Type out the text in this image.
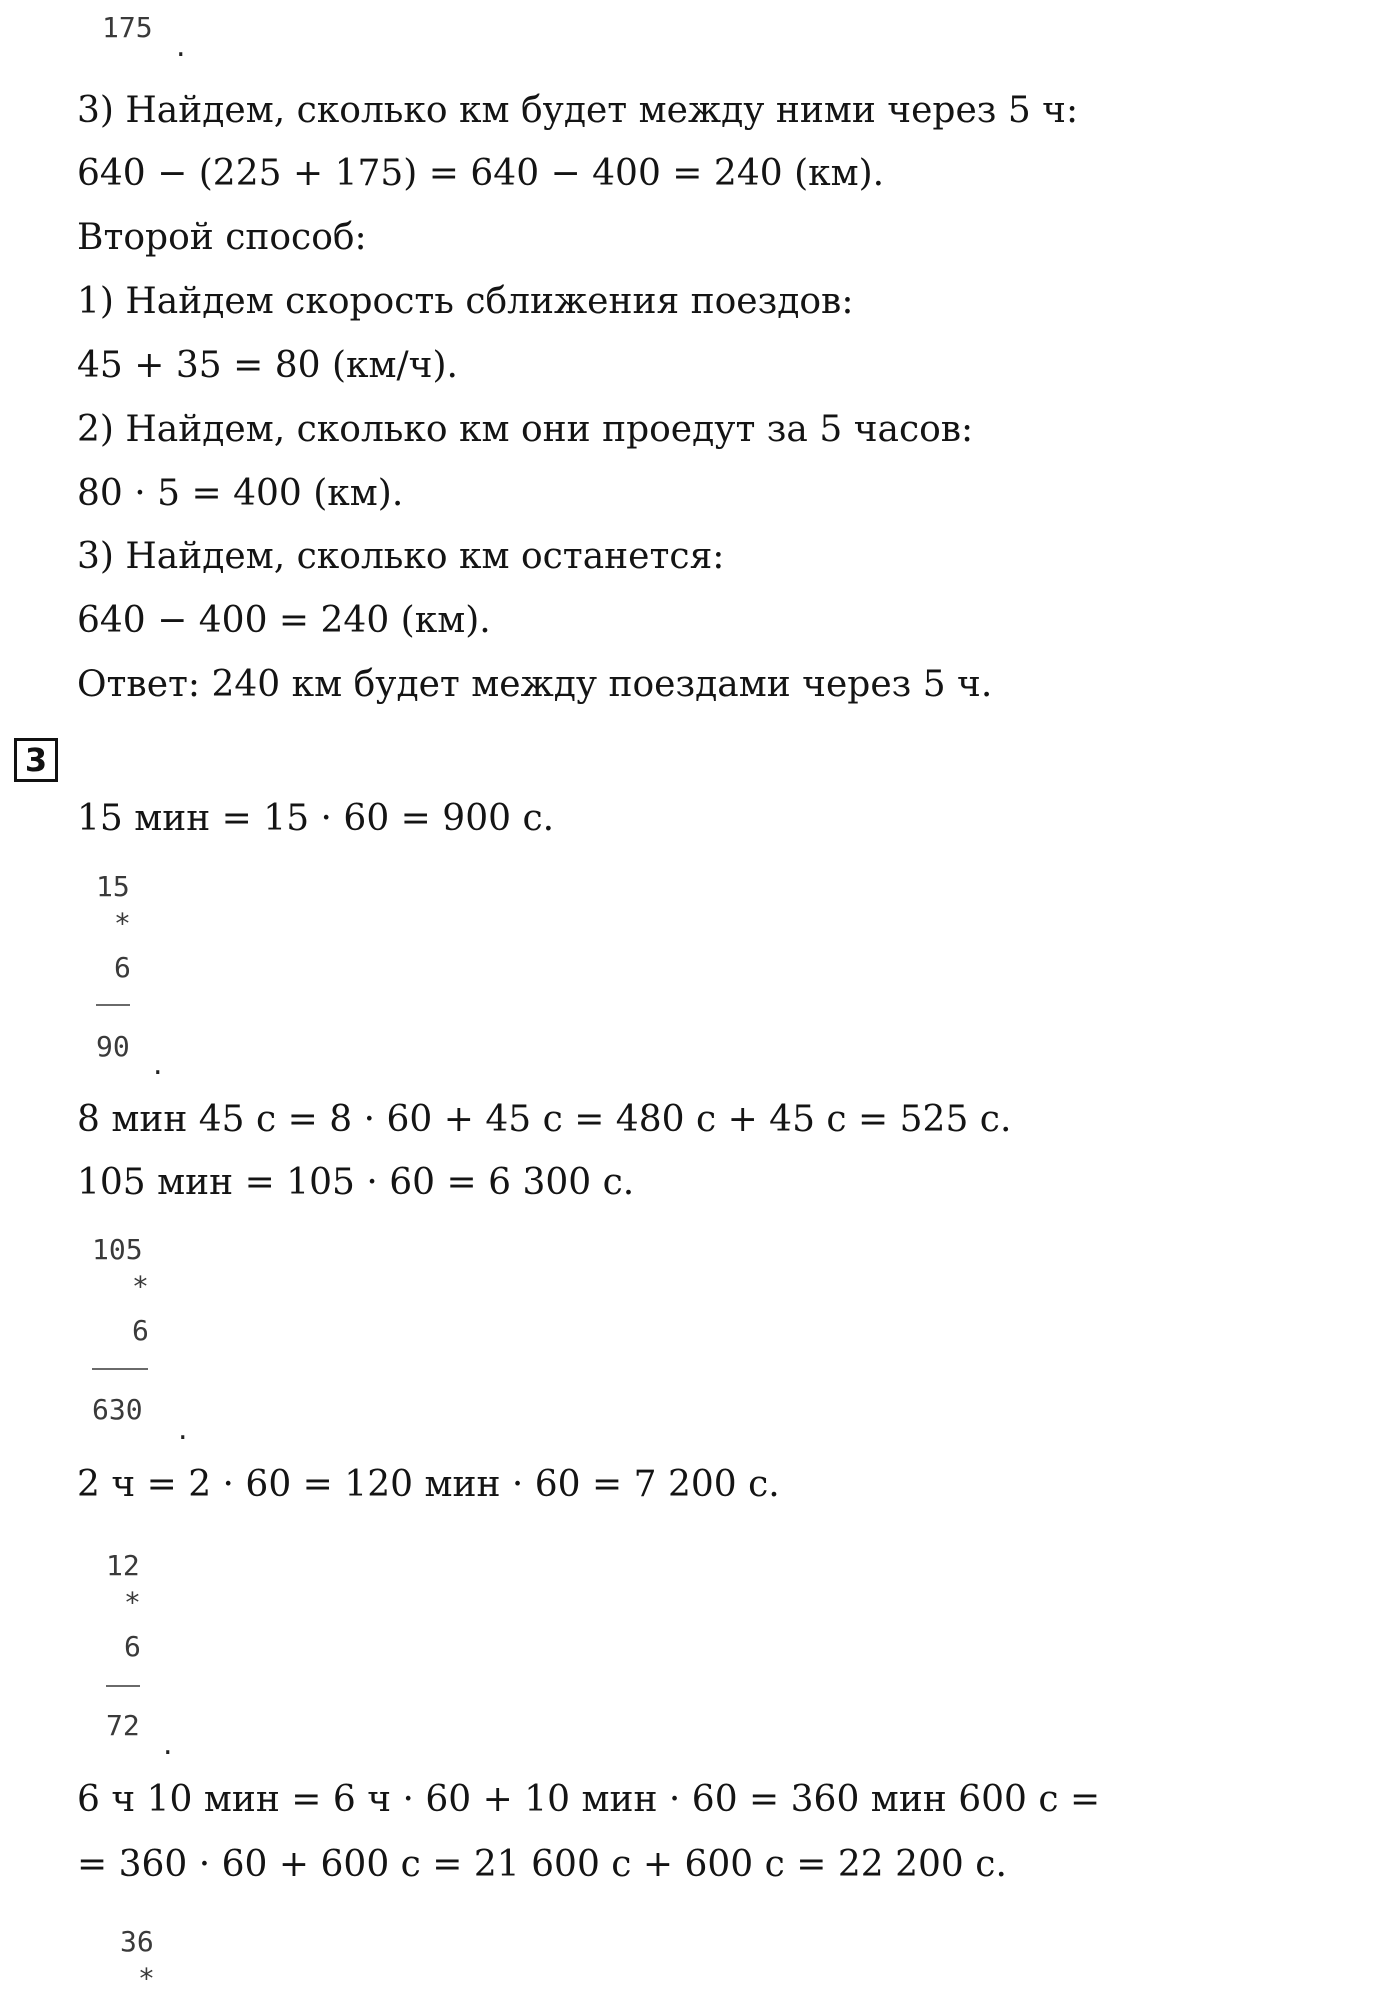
175
.
3) Найдем, сколько км будет между ними через 5 ч:
640 − (225 + 175) = 640 − 400 = 240 (км).
Второй способ:
1) Найдем скорость сближения поездов:
45 + 35 = 80 (км/ч).
2) Найдем, сколько км они проедут за 5 часов:
80 · 5 = 400 (км).
3) Найдем, сколько км останется:
640 − 400 = 240 (км).
Ответ: 240 км будет между поездами через 5 ч.
3
15 мин = 15 · 60 = 900 с.
15
*
6
90
.
8 мин 45 с = 8 · 60 + 45 с = 480 с + 45 с = 525 с.
105 мин = 105 · 60 = 6 300 с.
105
*
6
630
.
2 ч = 2 · 60 = 120 мин · 60 = 7 200 с.
12
*
6
72
.
6 ч 10 мин = 6 ч · 60 + 10 мин · 60 = 360 мин 600 с =
= 360 · 60 + 600 с = 21 600 с + 600 с = 22 200 с.
36
*
